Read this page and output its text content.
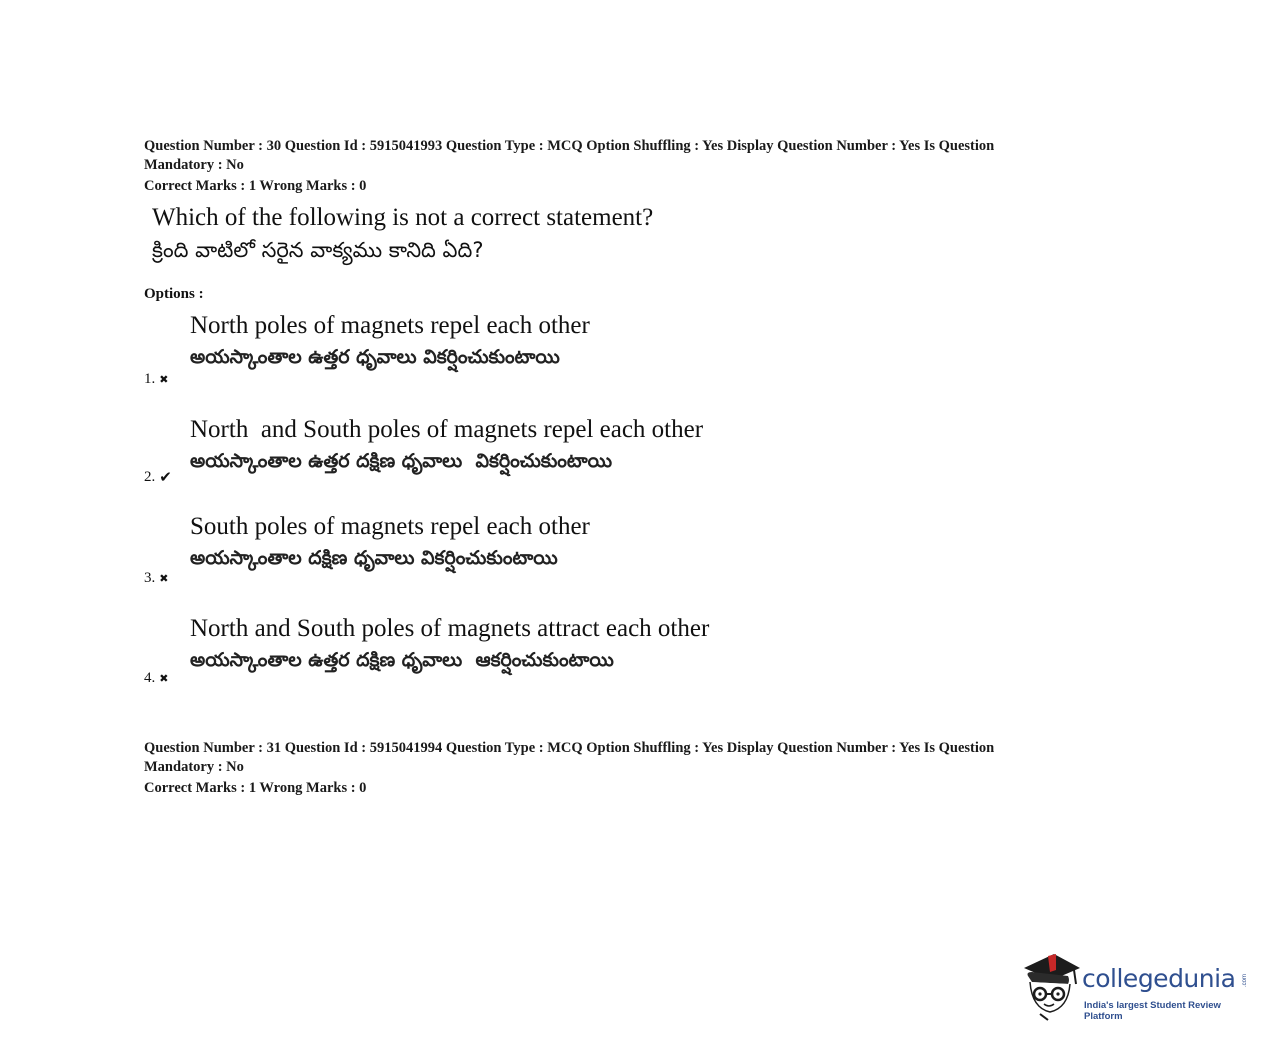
Question Number : 30 Question Id : 5915041993 Question Type : MCQ Option Shuffling : Yes Display Question Number : Yes Is Question
Mandatory : No
Correct Marks : 1 Wrong Marks : 0
Which of the following is not a correct statement?
క్రింది వాటిలో సరైన వాక్యము కానిది ఏది?
Options :
North poles of magnets repel each other
అయస్కాంతాల ఉత్తర ధృవాలు వికర్షించుకుంటాయి
1. ✖
North  and South poles of magnets repel each other
అయస్కాంతాల ఉత్తర దక్షిణ ధృవాలు  వికర్షించుకుంటాయి
2. ✔
South poles of magnets repel each other
అయస్కాంతాల దక్షిణ ధృవాలు వికర్షించుకుంటాయి
3. ✖
North and South poles of magnets attract each other
అయస్కాంతాల ఉత్తర దక్షిణ ధృవాలు  ఆకర్షించుకుంటాయి
4. ✖
Question Number : 31 Question Id : 5915041994 Question Type : MCQ Option Shuffling : Yes Display Question Number : Yes Is Question
Mandatory : No
Correct Marks : 1 Wrong Marks : 0
collegedunia .com
India's largest Student Review Platform
